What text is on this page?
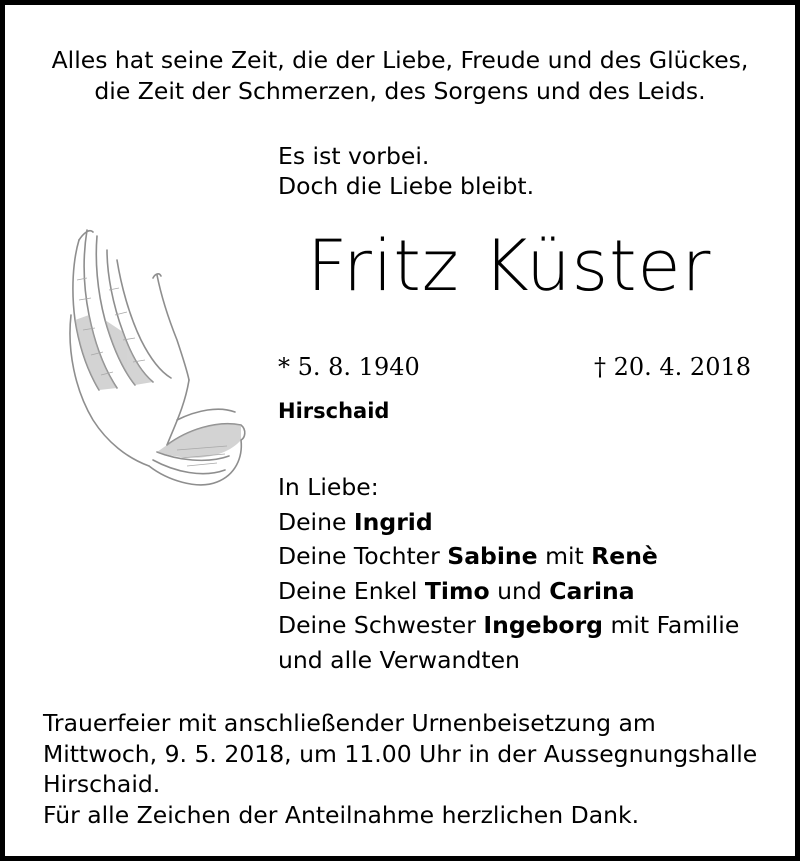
Alles hat seine Zeit, die der Liebe, Freude und des Glückes,
die Zeit der Schmerzen, des Sorgens und des Leids.
Es ist vorbei.
Doch die Liebe bleibt.
Fritz Küster
* 5. 8. 1940	† 20. 4. 2018
Hirschaid
In Liebe:
Deine Ingrid
Deine Tochter Sabine mit Renè
Deine Enkel Timo und Carina
Deine Schwester Ingeborg mit Familie
und alle Verwandten
Trauerfeier mit anschließender Urnenbeisetzung am
Mittwoch, 9. 5. 2018, um 11.00 Uhr in der Aussegnungshalle
Hirschaid.
Für alle Zeichen der Anteilnahme herzlichen Dank.
